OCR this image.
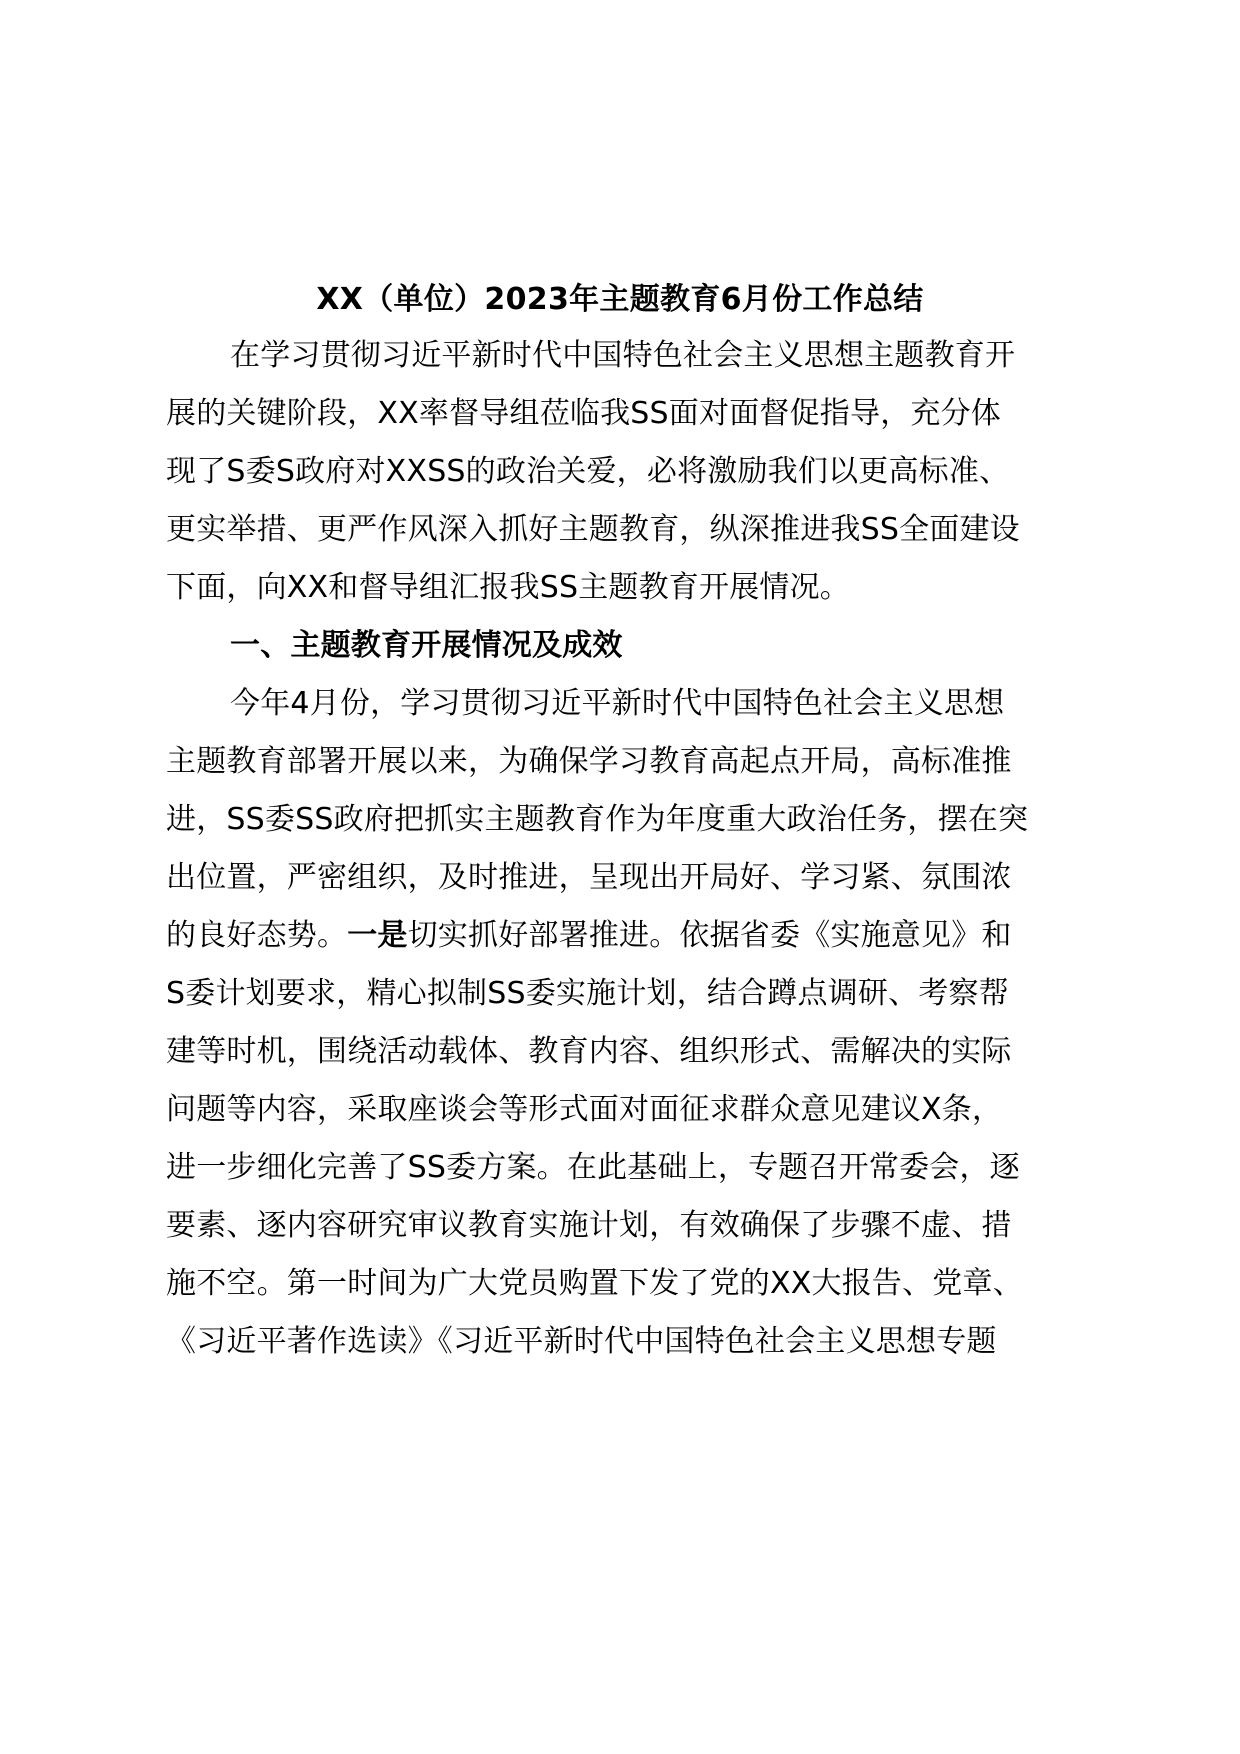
XX（单位）2023年主题教育6月份工作总结
在学习贯彻习近平新时代中国特色社会主义思想主题教育开
展的关键阶段，XX率督导组莅临我SS面对面督促指导，充分体
现了S委S政府对XXSS的政治关爱，必将激励我们以更高标准、
更实举措、更严作风深入抓好主题教育，纵深推进我SS全面建设
下面，向XX和督导组汇报我SS主题教育开展情况。
一、主题教育开展情况及成效
今年4月份，学习贯彻习近平新时代中国特色社会主义思想
主题教育部署开展以来，为确保学习教育高起点开局，高标准推
进，SS委SS政府把抓实主题教育作为年度重大政治任务，摆在突
出位置，严密组织，及时推进，呈现出开局好、学习紧、氛围浓
的良好态势。一是切实抓好部署推进。依据省委《实施意见》和
S委计划要求，精心拟制SS委实施计划，结合蹲点调研、考察帮
建等时机，围绕活动载体、教育内容、组织形式、需解决的实际
问题等内容，采取座谈会等形式面对面征求群众意见建议X条，
进一步细化完善了SS委方案。在此基础上，专题召开常委会，逐
要素、逐内容研究审议教育实施计划，有效确保了步骤不虚、措
施不空。第一时间为广大党员购置下发了党的XX大报告、党章、
《习近平著作选读》《习近平新时代中国特色社会主义思想专题
